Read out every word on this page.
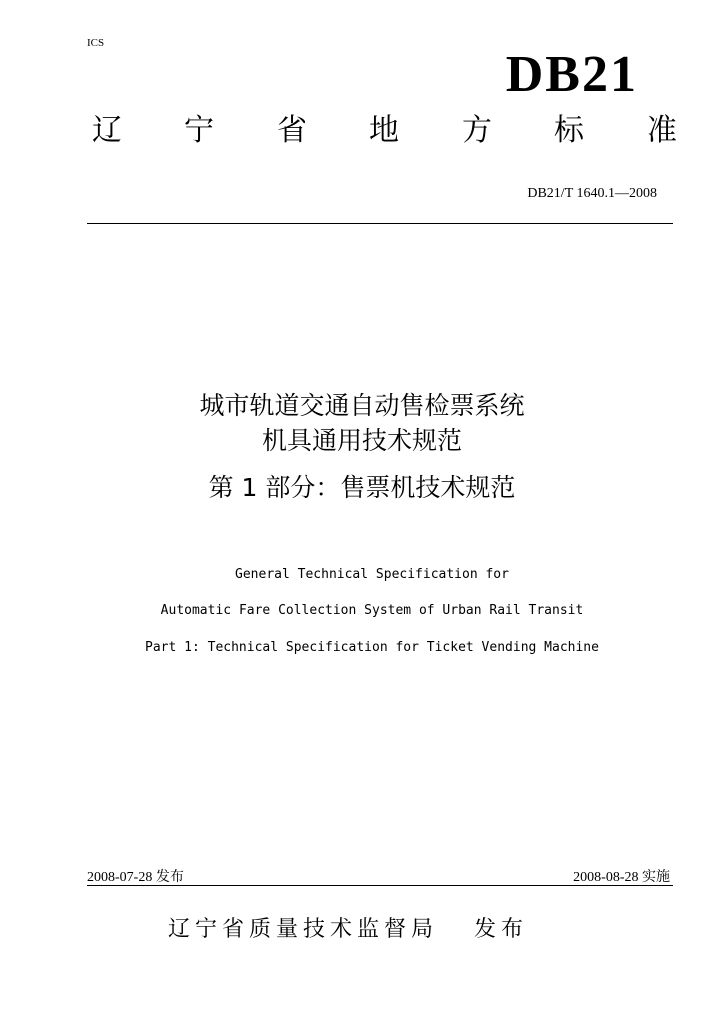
ICS
DB21
辽 宁 省 地 方 标 准
DB21/T 1640.1—2008
城市轨道交通自动售检票系统
机具通用技术规范
第 1 部分：售票机技术规范
General Technical Specification for
Automatic Fare Collection System of Urban Rail Transit
Part 1: Technical Specification for Ticket Vending Machine
2008-07-28 发布	2008-08-28 实施
辽宁省质量技术监督局 发布
